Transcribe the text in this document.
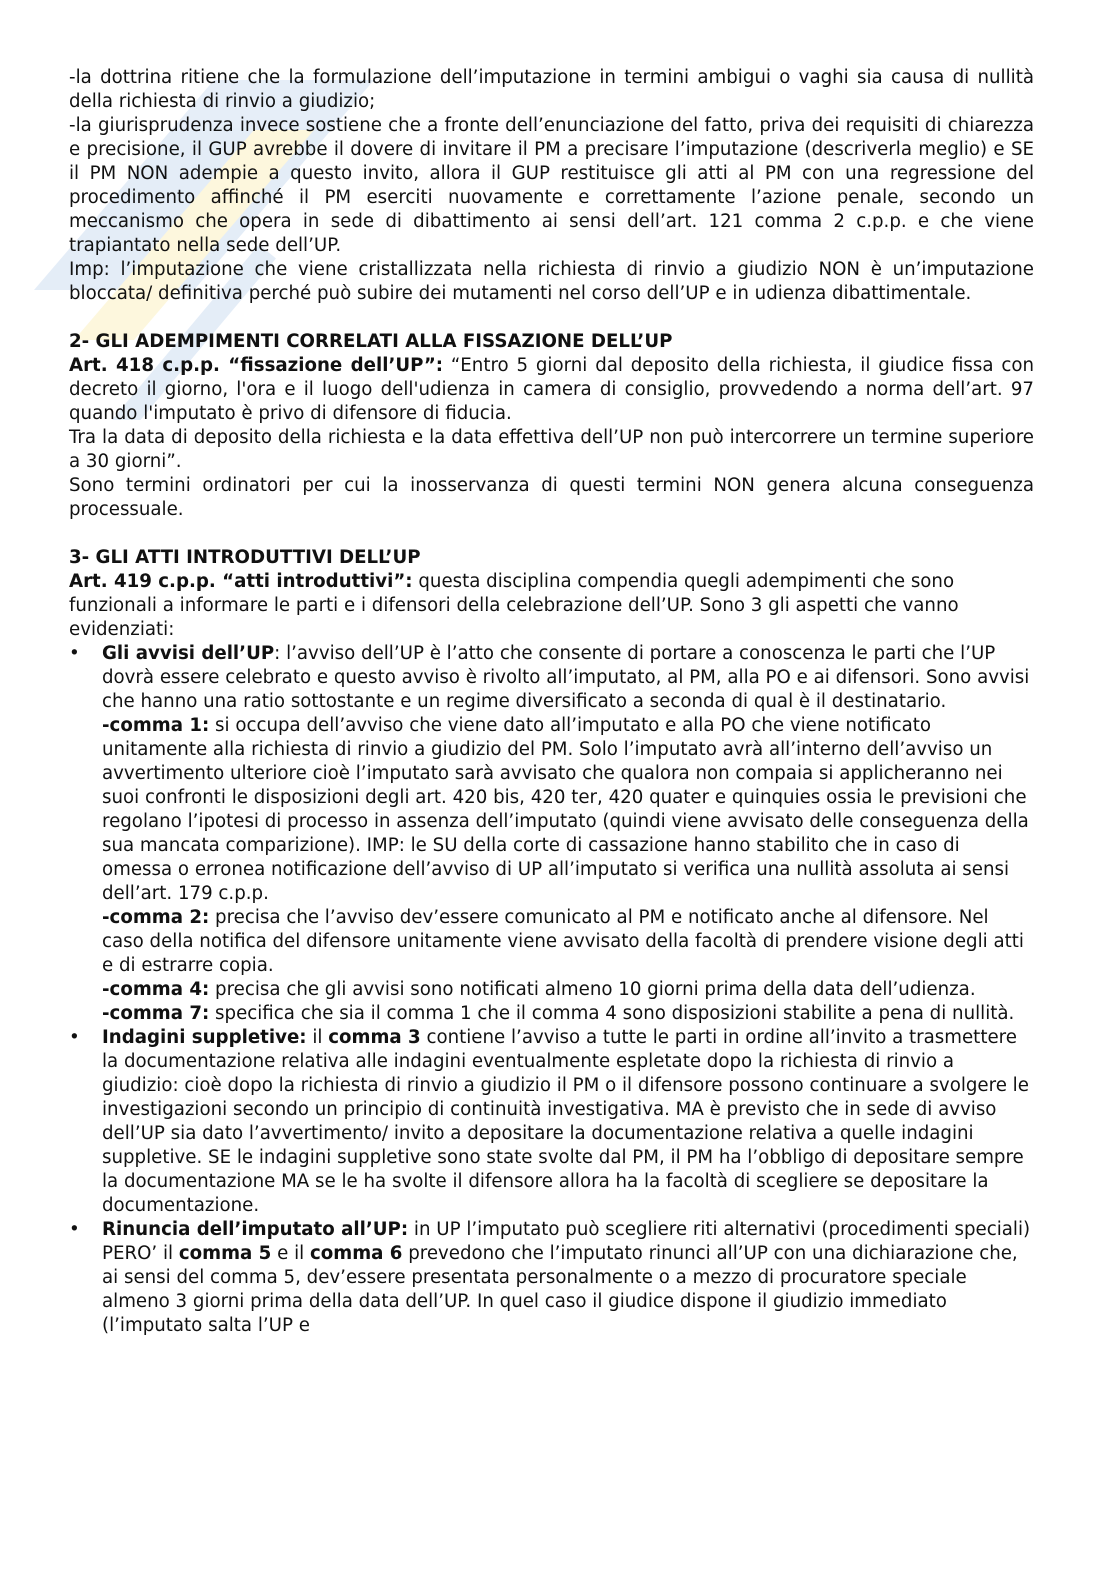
-la dottrina ritiene che la formulazione dell’imputazione in termini ambigui o vaghi sia causa di nullità della richiesta di rinvio a giudizio;

-la giurisprudenza invece sostiene che a fronte dell’enunciazione del fatto, priva dei requisiti di chiarezza e precisione, il GUP avrebbe il dovere di invitare il PM a precisare l’imputazione (descriverla meglio) e SE il PM NON adempie a questo invito, allora il GUP restituisce gli atti al PM con una regressione del procedimento affinché il PM eserciti nuovamente e correttamente l’azione penale, secondo un meccanismo che opera in sede di dibattimento ai sensi dell’art. 121 comma 2 c.p.p. e che viene trapiantato nella sede dell’UP.

Imp: l’imputazione che viene cristallizzata nella richiesta di rinvio a giudizio NON è un’imputazione bloccata/ definitiva perché può subire dei mutamenti nel corso dell’UP e in udienza dibattimentale.

2- GLI ADEMPIMENTI CORRELATI ALLA FISSAZIONE DELL’UP

Art. 418 c.p.p. “fissazione dell’UP”: “Entro 5 giorni dal deposito della richiesta, il giudice fissa con decreto il giorno, l'ora e il luogo dell'udienza in camera di consiglio, provvedendo a norma dell’art. 97 quando l'imputato è privo di difensore di fiducia.

Tra la data di deposito della richiesta e la data effettiva dell’UP non può intercorrere un termine superiore a 30 giorni”.

Sono termini ordinatori per cui la inosservanza di questi termini NON genera alcuna conseguenza processuale.

3- GLI ATTI INTRODUTTIVI DELL’UP

Art. 419 c.p.p. “atti introduttivi”: questa disciplina compendia quegli adempimenti che sono funzionali a informare le parti e i difensori della celebrazione dell’UP. Sono 3 gli aspetti che vanno evidenziati:

• Gli avvisi dell’UP: l’avviso dell’UP è l’atto che consente di portare a conoscenza le parti che l’UP dovrà essere celebrato e questo avviso è rivolto all’imputato, al PM, alla PO e ai difensori. Sono avvisi che hanno una ratio sottostante e un regime diversificato a seconda di qual è il destinatario.
-comma 1: si occupa dell’avviso che viene dato all’imputato e alla PO che viene notificato unitamente alla richiesta di rinvio a giudizio del PM. Solo l’imputato avrà all’interno dell’avviso un avvertimento ulteriore cioè l’imputato sarà avvisato che qualora non compaia si applicheranno nei suoi confronti le disposizioni degli art. 420 bis, 420 ter, 420 quater e quinquies ossia le previsioni che regolano l’ipotesi di processo in assenza dell’imputato (quindi viene avvisato delle conseguenza della sua mancata comparizione). IMP: le SU della corte di cassazione hanno stabilito che in caso di omessa o erronea notificazione dell’avviso di UP all’imputato si verifica una nullità assoluta ai sensi dell’art. 179 c.p.p.
-comma 2: precisa che l’avviso dev’essere comunicato al PM e notificato anche al difensore. Nel caso della notifica del difensore unitamente viene avvisato della facoltà di prendere visione degli atti e di estrarre copia.
-comma 4: precisa che gli avvisi sono notificati almeno 10 giorni prima della data dell’udienza.
-comma 7: specifica che sia il comma 1 che il comma 4 sono disposizioni stabilite a pena di nullità.
• Indagini suppletive: il comma 3 contiene l’avviso a tutte le parti in ordine all’invito a trasmettere la documentazione relativa alle indagini eventualmente espletate dopo la richiesta di rinvio a giudizio: cioè dopo la richiesta di rinvio a giudizio il PM o il difensore possono continuare a svolgere le investigazioni secondo un principio di continuità investigativa. MA è previsto che in sede di avviso dell’UP sia dato l’avvertimento/ invito a depositare la documentazione relativa a quelle indagini suppletive. SE le indagini suppletive sono state svolte dal PM, il PM ha l’obbligo di depositare sempre la documentazione MA se le ha svolte il difensore allora ha la facoltà di scegliere se depositare la documentazione.
• Rinuncia dell’imputato all’UP: in UP l’imputato può scegliere riti alternativi (procedimenti speciali) PERO’ il comma 5 e il comma 6 prevedono che l’imputato rinunci all’UP con una dichiarazione che, ai sensi del comma 5, dev’essere presentata personalmente o a mezzo di procuratore speciale almeno 3 giorni prima della data dell’UP. In quel caso il giudice dispone il giudizio immediato (l’imputato salta l’UP e
